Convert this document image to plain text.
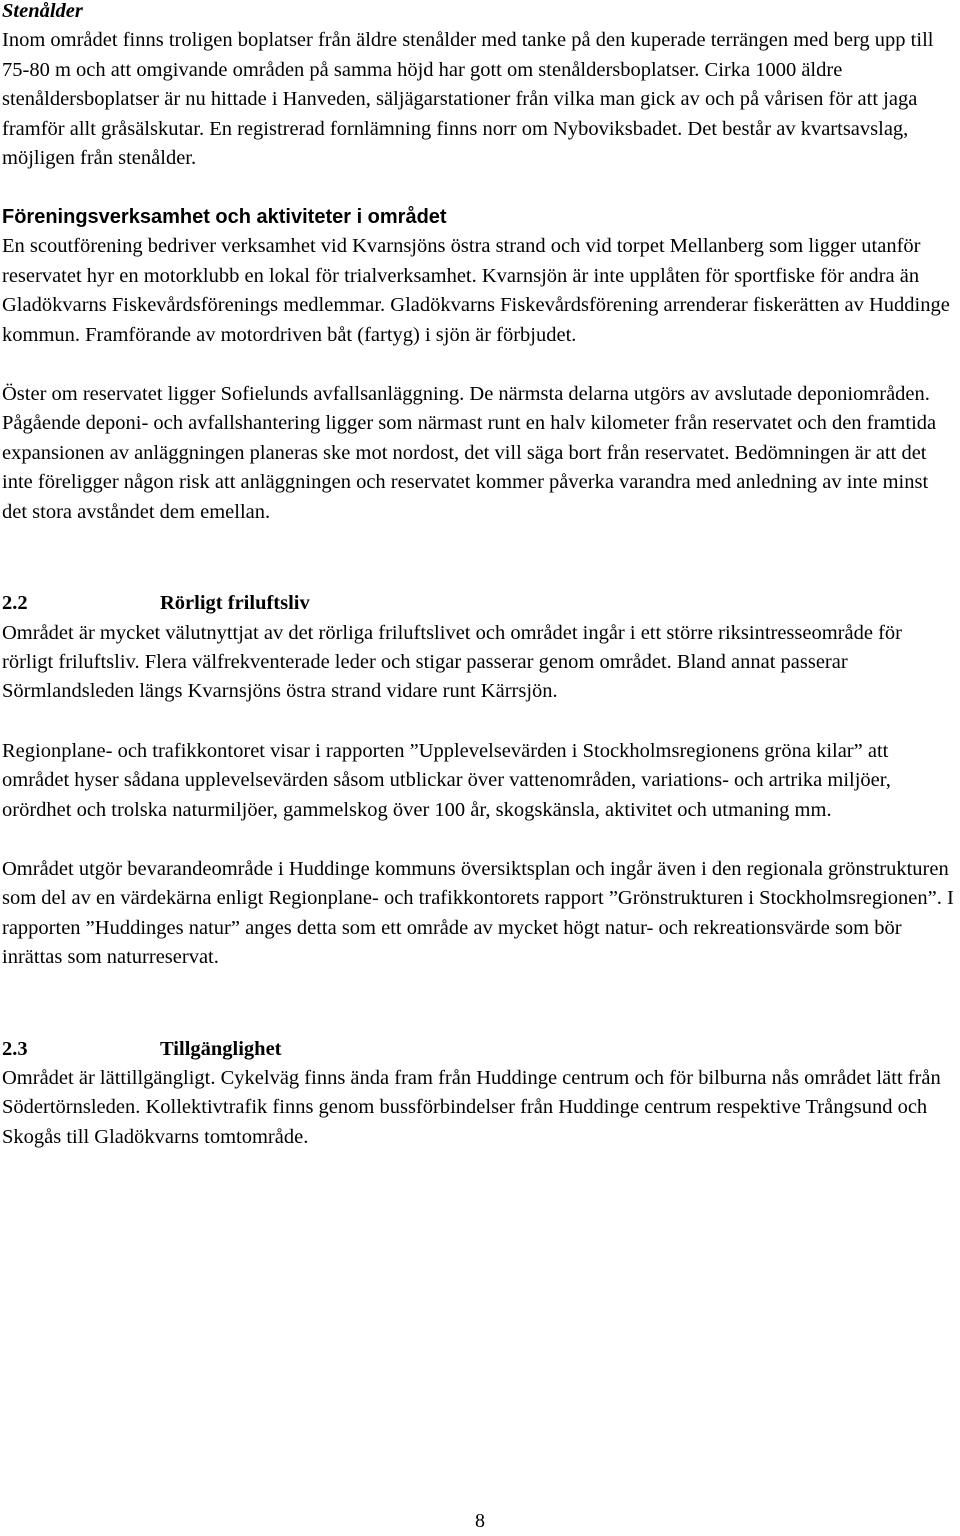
Stenålder

Inom området finns troligen boplatser från äldre stenålder med tanke på den kuperade terrängen med berg upp till 75-80 m och att omgivande områden på samma höjd har gott om stenåldersboplatser. Cirka 1000 äldre stenåldersboplatser är nu hittade i Hanveden, säljägarstationer från vilka man gick av och på vårisen för att jaga framför allt gråsälskutar. En registrerad fornlämning finns norr om Nyboviksbadet. Det består av kvartsavslag, möjligen från stenålder.

Föreningsverksamhet och aktiviteter i området

En scoutförening bedriver verksamhet vid Kvarnsjöns östra strand och vid torpet Mellanberg som ligger utanför reservatet hyr en motorklubb en lokal för trialverksamhet. Kvarnsjön är inte upplåten för sportfiske för andra än Gladökvarns Fiskevårdsförenings medlemmar. Gladökvarns Fiskevårdsförening arrenderar fiskerätten av Huddinge kommun. Framförande av motordriven båt (fartyg) i sjön är förbjudet.

Öster om reservatet ligger Sofielunds avfallsanläggning. De närmsta delarna utgörs av avslutade deponiområden. Pågående deponi- och avfallshantering ligger som närmast runt en halv kilometer från reservatet och den framtida expansionen av anläggningen planeras ske mot nordost, det vill säga bort från reservatet. Bedömningen är att det inte föreligger någon risk att anläggningen och reservatet kommer påverka varandra med anledning av inte minst det stora avståndet dem emellan.

2.2	Rörligt friluftsliv

Området är mycket välutnyttjat av det rörliga friluftslivet och området ingår i ett större riksintresseområde för rörligt friluftsliv. Flera välfrekventerade leder och stigar passerar genom området. Bland annat passerar Sörmlandsleden längs Kvarnsjöns östra strand vidare runt Kärrsjön.

Regionplane- och trafikkontoret visar i rapporten ”Upplevelsevärden i Stockholmsregionens gröna kilar” att området hyser sådana upplevelsevärden såsom utblickar över vattenområden, variations- och artrika miljöer, orördhet och trolska naturmiljöer, gammelskog över 100 år, skogskänsla, aktivitet och utmaning mm.

Området utgör bevarandeområde i Huddinge kommuns översiktsplan och ingår även i den regionala grönstrukturen som del av en värdekärna enligt Regionplane- och trafikkontorets rapport ”Grönstrukturen i Stockholmsregionen”. I rapporten ”Huddinges natur” anges detta som ett område av mycket högt natur- och rekreationsvärde som bör inrättas som naturreservat.

2.3	Tillgänglighet

Området är lättillgängligt. Cykelväg finns ända fram från Huddinge centrum och för bilburna nås området lätt från Södertörnsleden. Kollektivtrafik finns genom bussförbindelser från Huddinge centrum respektive Trångsund och Skogås till Gladökvarns tomtområde.

8
